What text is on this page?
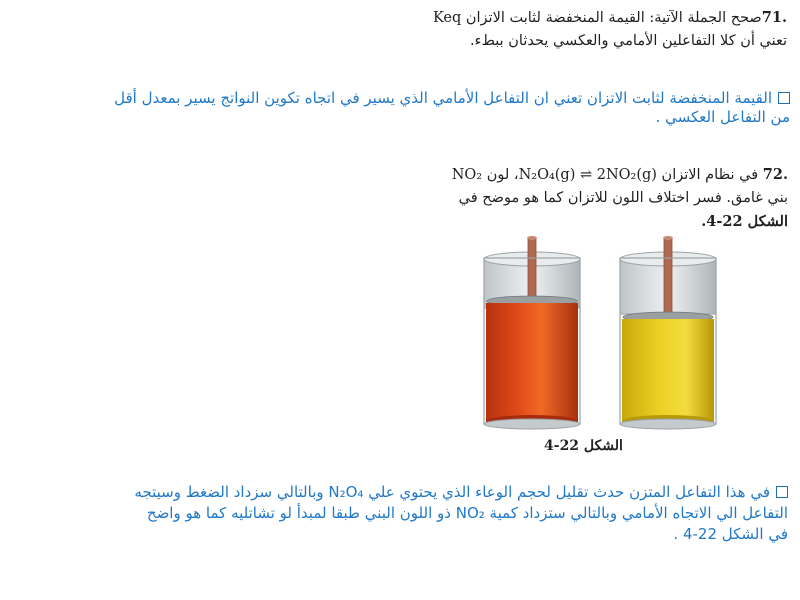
.71صحح الجملة الآتية: القيمة المنخفضة لثابت الاتزان Keq
تعني أن كلا التفاعلين الأمامي والعكسي يحدثان ببطء.
القيمة المنخفضة لثابت الاتزان تعني ان التفاعل الأمامي الذي يسير في اتجاه تكوين النواتج يسير بمعدل أقل
من التفاعل العكسي .
.72 في نظام الاتزان N₂O₄(g) ⇌ 2NO₂(g)، لون NO₂
بني غامق. فسر اختلاف اللون للاتزان كما هو موضح في
الشكل 22-4.
الشكل 22-4
في هذا التفاعل المتزن حدث تقليل لحجم الوعاء الذي يحتوي علي N₂O₄ وبالتالي سزداد الضغط وسيتجه
التفاعل الي الاتجاه الأمامي وبالتالي ستزداد كمية NO₂ ذو اللون البني طبقا لمبدأ لو تشاتليه كما هو واضح
في الشكل 22-4 .
